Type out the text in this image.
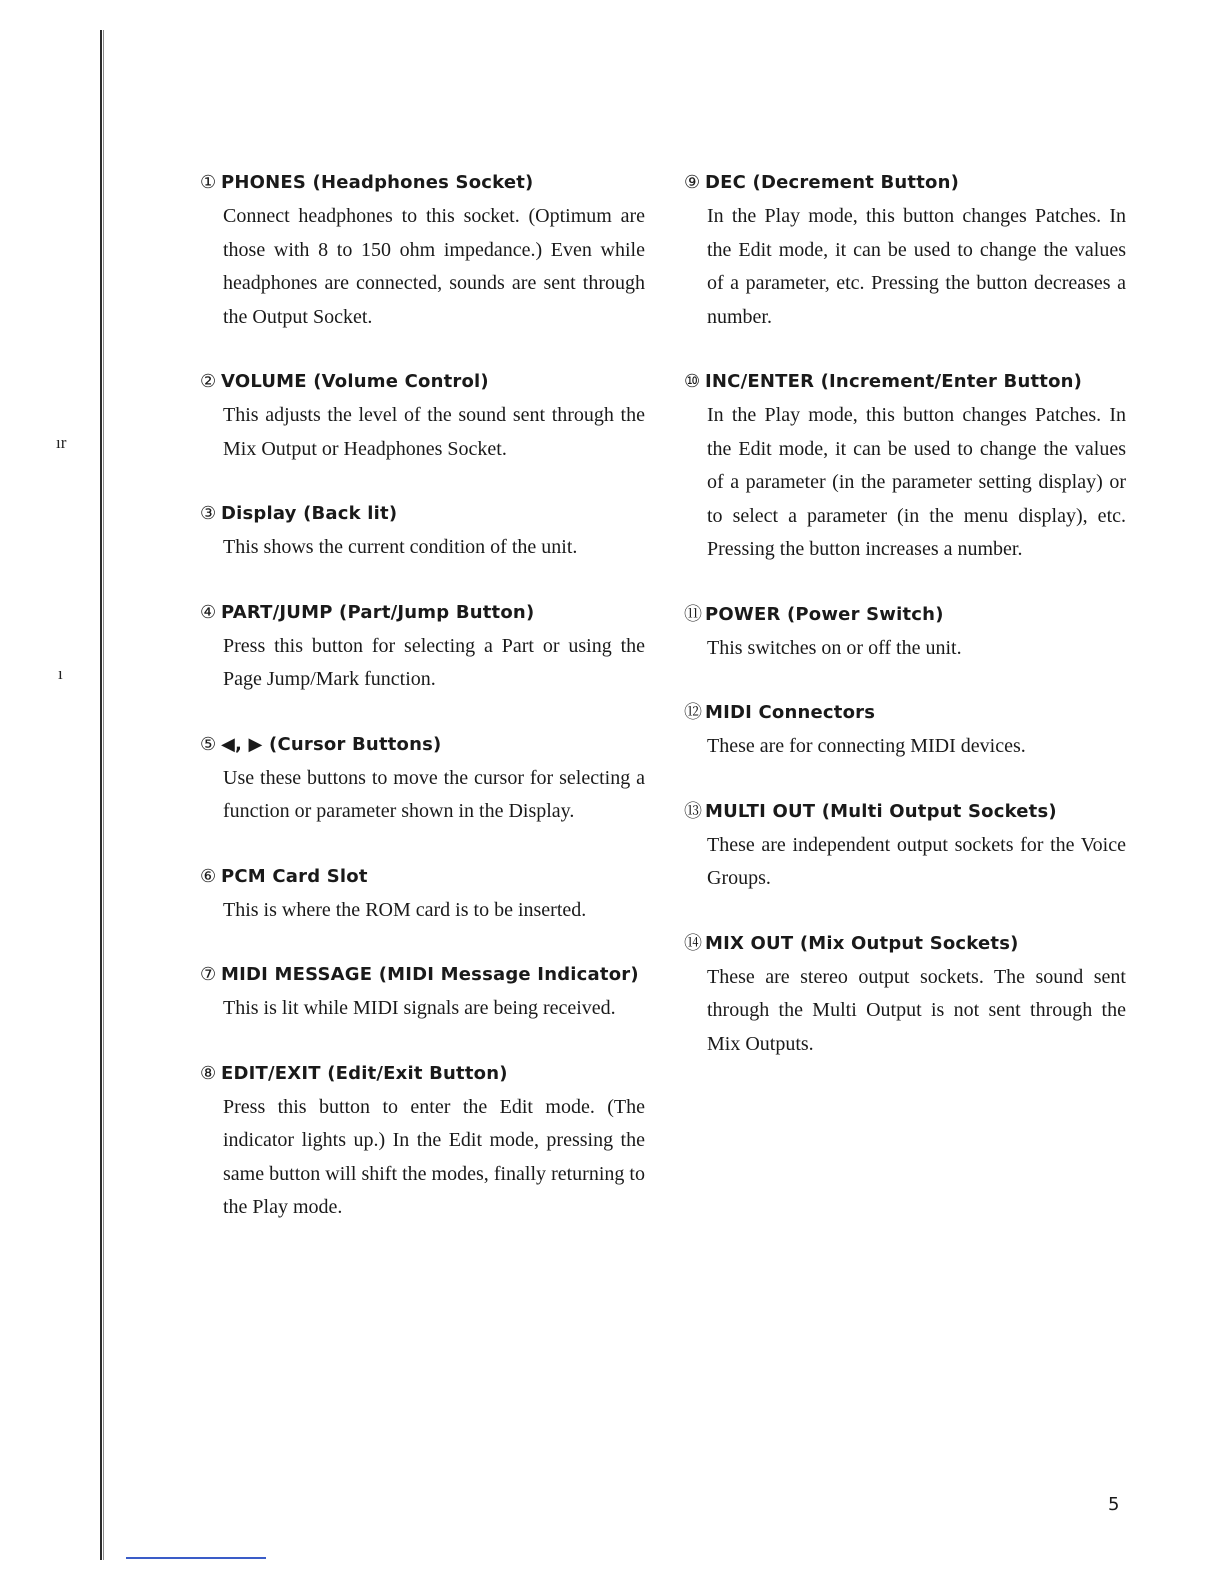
ır
ı
① PHONES (Headphones Socket)
Connect headphones to this socket. (Optimum are those with 8 to 150 ohm impedance.) Even while headphones are connected, sounds are sent through the Output Socket.
② VOLUME (Volume Control)
This adjusts the level of the sound sent through the Mix Output or Headphones Socket.
③ Display (Back lit)
This shows the current condition of the unit.
④ PART/JUMP (Part/Jump Button)
Press this button for selecting a Part or using the Page Jump/Mark function.
⑤ ◀, ▶ (Cursor Buttons)
Use these buttons to move the cursor for selecting a function or parameter shown in the Display.
⑥ PCM Card Slot
This is where the ROM card is to be inserted.
⑦ MIDI MESSAGE (MIDI Message Indicator)
This is lit while MIDI signals are being received.
⑧ EDIT/EXIT (Edit/Exit Button)
Press this button to enter the Edit mode. (The indicator lights up.) In the Edit mode, pressing the same button will shift the modes, finally returning to the Play mode.
⑨ DEC (Decrement Button)
In the Play mode, this button changes Patches. In the Edit mode, it can be used to change the values of a parameter, etc. Pressing the button decreases a number.
⑩ INC/ENTER (Increment/Enter Button)
In the Play mode, this button changes Patches. In the Edit mode, it can be used to change the values of a parameter (in the parameter setting display) or to select a parameter (in the menu display), etc. Pressing the button increases a number.
⑪ POWER (Power Switch)
This switches on or off the unit.
⑫ MIDI Connectors
These are for connecting MIDI devices.
⑬ MULTI OUT (Multi Output Sockets)
These are independent output sockets for the Voice Groups.
⑭ MIX OUT (Mix Output Sockets)
These are stereo output sockets. The sound sent through the Multi Output is not sent through the Mix Outputs.
5
